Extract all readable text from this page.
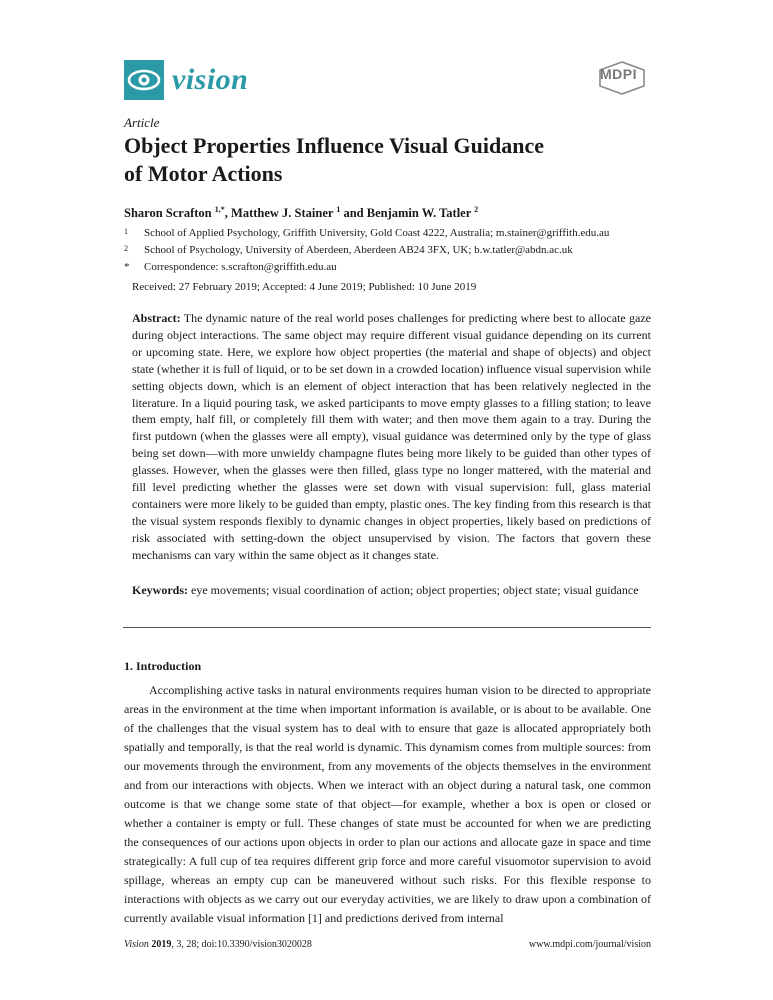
vision	MDPI
Article
Object Properties Influence Visual Guidance
of Motor Actions
Sharon Scrafton $^{1,*}$, Matthew J. Stainer $^1$ and Benjamin W. Tatler $^2$
1 School of Applied Psychology, Griffith University, Gold Coast 4222, Australia; m.stainer@griffith.edu.au
2 School of Psychology, University of Aberdeen, Aberdeen AB24 3FX, UK; b.w.tatler@abdn.ac.uk
* Correspondence: s.scrafton@griffith.edu.au
Received: 27 February 2019; Accepted: 4 June 2019; Published: 10 June 2019
Abstract: The dynamic nature of the real world poses challenges for predicting where best to allocate gaze during object interactions. The same object may require different visual guidance depending on its current or upcoming state. Here, we explore how object properties (the material and shape of objects) and object state (whether it is full of liquid, or to be set down in a crowded location) influence visual supervision while setting objects down, which is an element of object interaction that has been relatively neglected in the literature. In a liquid pouring task, we asked participants to move empty glasses to a filling station; to leave them empty, half fill, or completely fill them with water; and then move them again to a tray. During the first putdown (when the glasses were all empty), visual guidance was determined only by the type of glass being set down—with more unwieldy champagne flutes being more likely to be guided than other types of glasses. However, when the glasses were then filled, glass type no longer mattered, with the material and fill level predicting whether the glasses were set down with visual supervision: full, glass material containers were more likely to be guided than empty, plastic ones. The key finding from this research is that the visual system responds flexibly to dynamic changes in object properties, likely based on predictions of risk associated with setting-down the object unsupervised by vision. The factors that govern these mechanisms can vary within the same object as it changes state.
Keywords: eye movements; visual coordination of action; object properties; object state; visual guidance
1. Introduction

Accomplishing active tasks in natural environments requires human vision to be directed to appropriate areas in the environment at the time when important information is available, or is about to be available. One of the challenges that the visual system has to deal with to ensure that gaze is allocated appropriately both spatially and temporally, is that the real world is dynamic. This dynamism comes from multiple sources: from our movements through the environment, from any movements of the objects themselves in the environment and from our interactions with objects. When we interact with an object during a natural task, one common outcome is that we change some state of that object—for example, whether a box is open or closed or whether a container is empty or full. These changes of state must be accounted for when we are predicting the consequences of our actions upon objects in order to plan our actions and allocate gaze in space and time strategically: A full cup of tea requires different grip force and more careful visuomotor supervision to avoid spillage, whereas an empty cup can be maneuvered without such risks. For this flexible response to interactions with objects as we carry out our everyday activities, we are likely to draw upon a combination of currently available visual information [1] and predictions derived from internal

Vision 2019, 3, 28; doi:10.3390/vision3020028	www.mdpi.com/journal/vision
